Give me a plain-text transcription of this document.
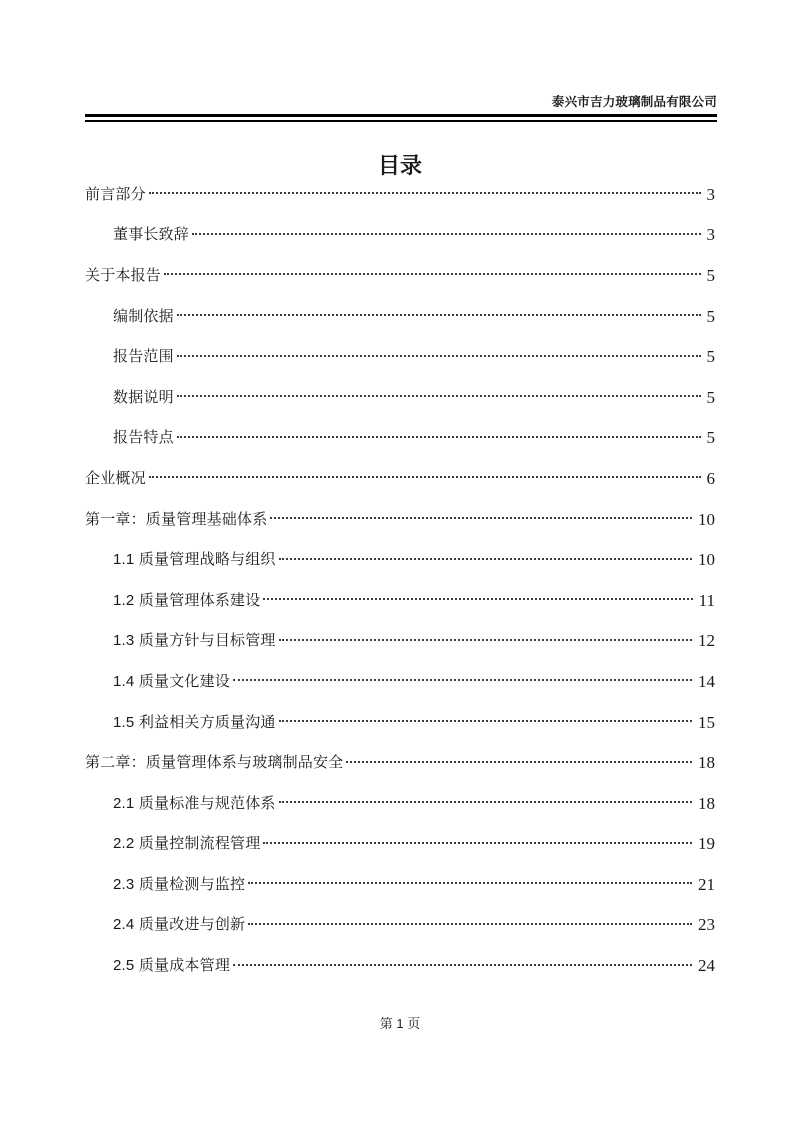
泰兴市吉力玻璃制品有限公司
目录
前言部分	3
董事长致辞	3
关于本报告	5
编制依据	5
报告范围	5
数据说明	5
报告特点	5
企业概况	6
第一章：质量管理基础体系	10
1.1 质量管理战略与组织	10
1.2 质量管理体系建设	11
1.3 质量方针与目标管理	12
1.4 质量文化建设	14
1.5 利益相关方质量沟通	15
第二章：质量管理体系与玻璃制品安全	18
2.1 质量标准与规范体系	18
2.2 质量控制流程管理	19
2.3 质量检测与监控	21
2.4 质量改进与创新	23
2.5 质量成本管理	24
第 1 页
